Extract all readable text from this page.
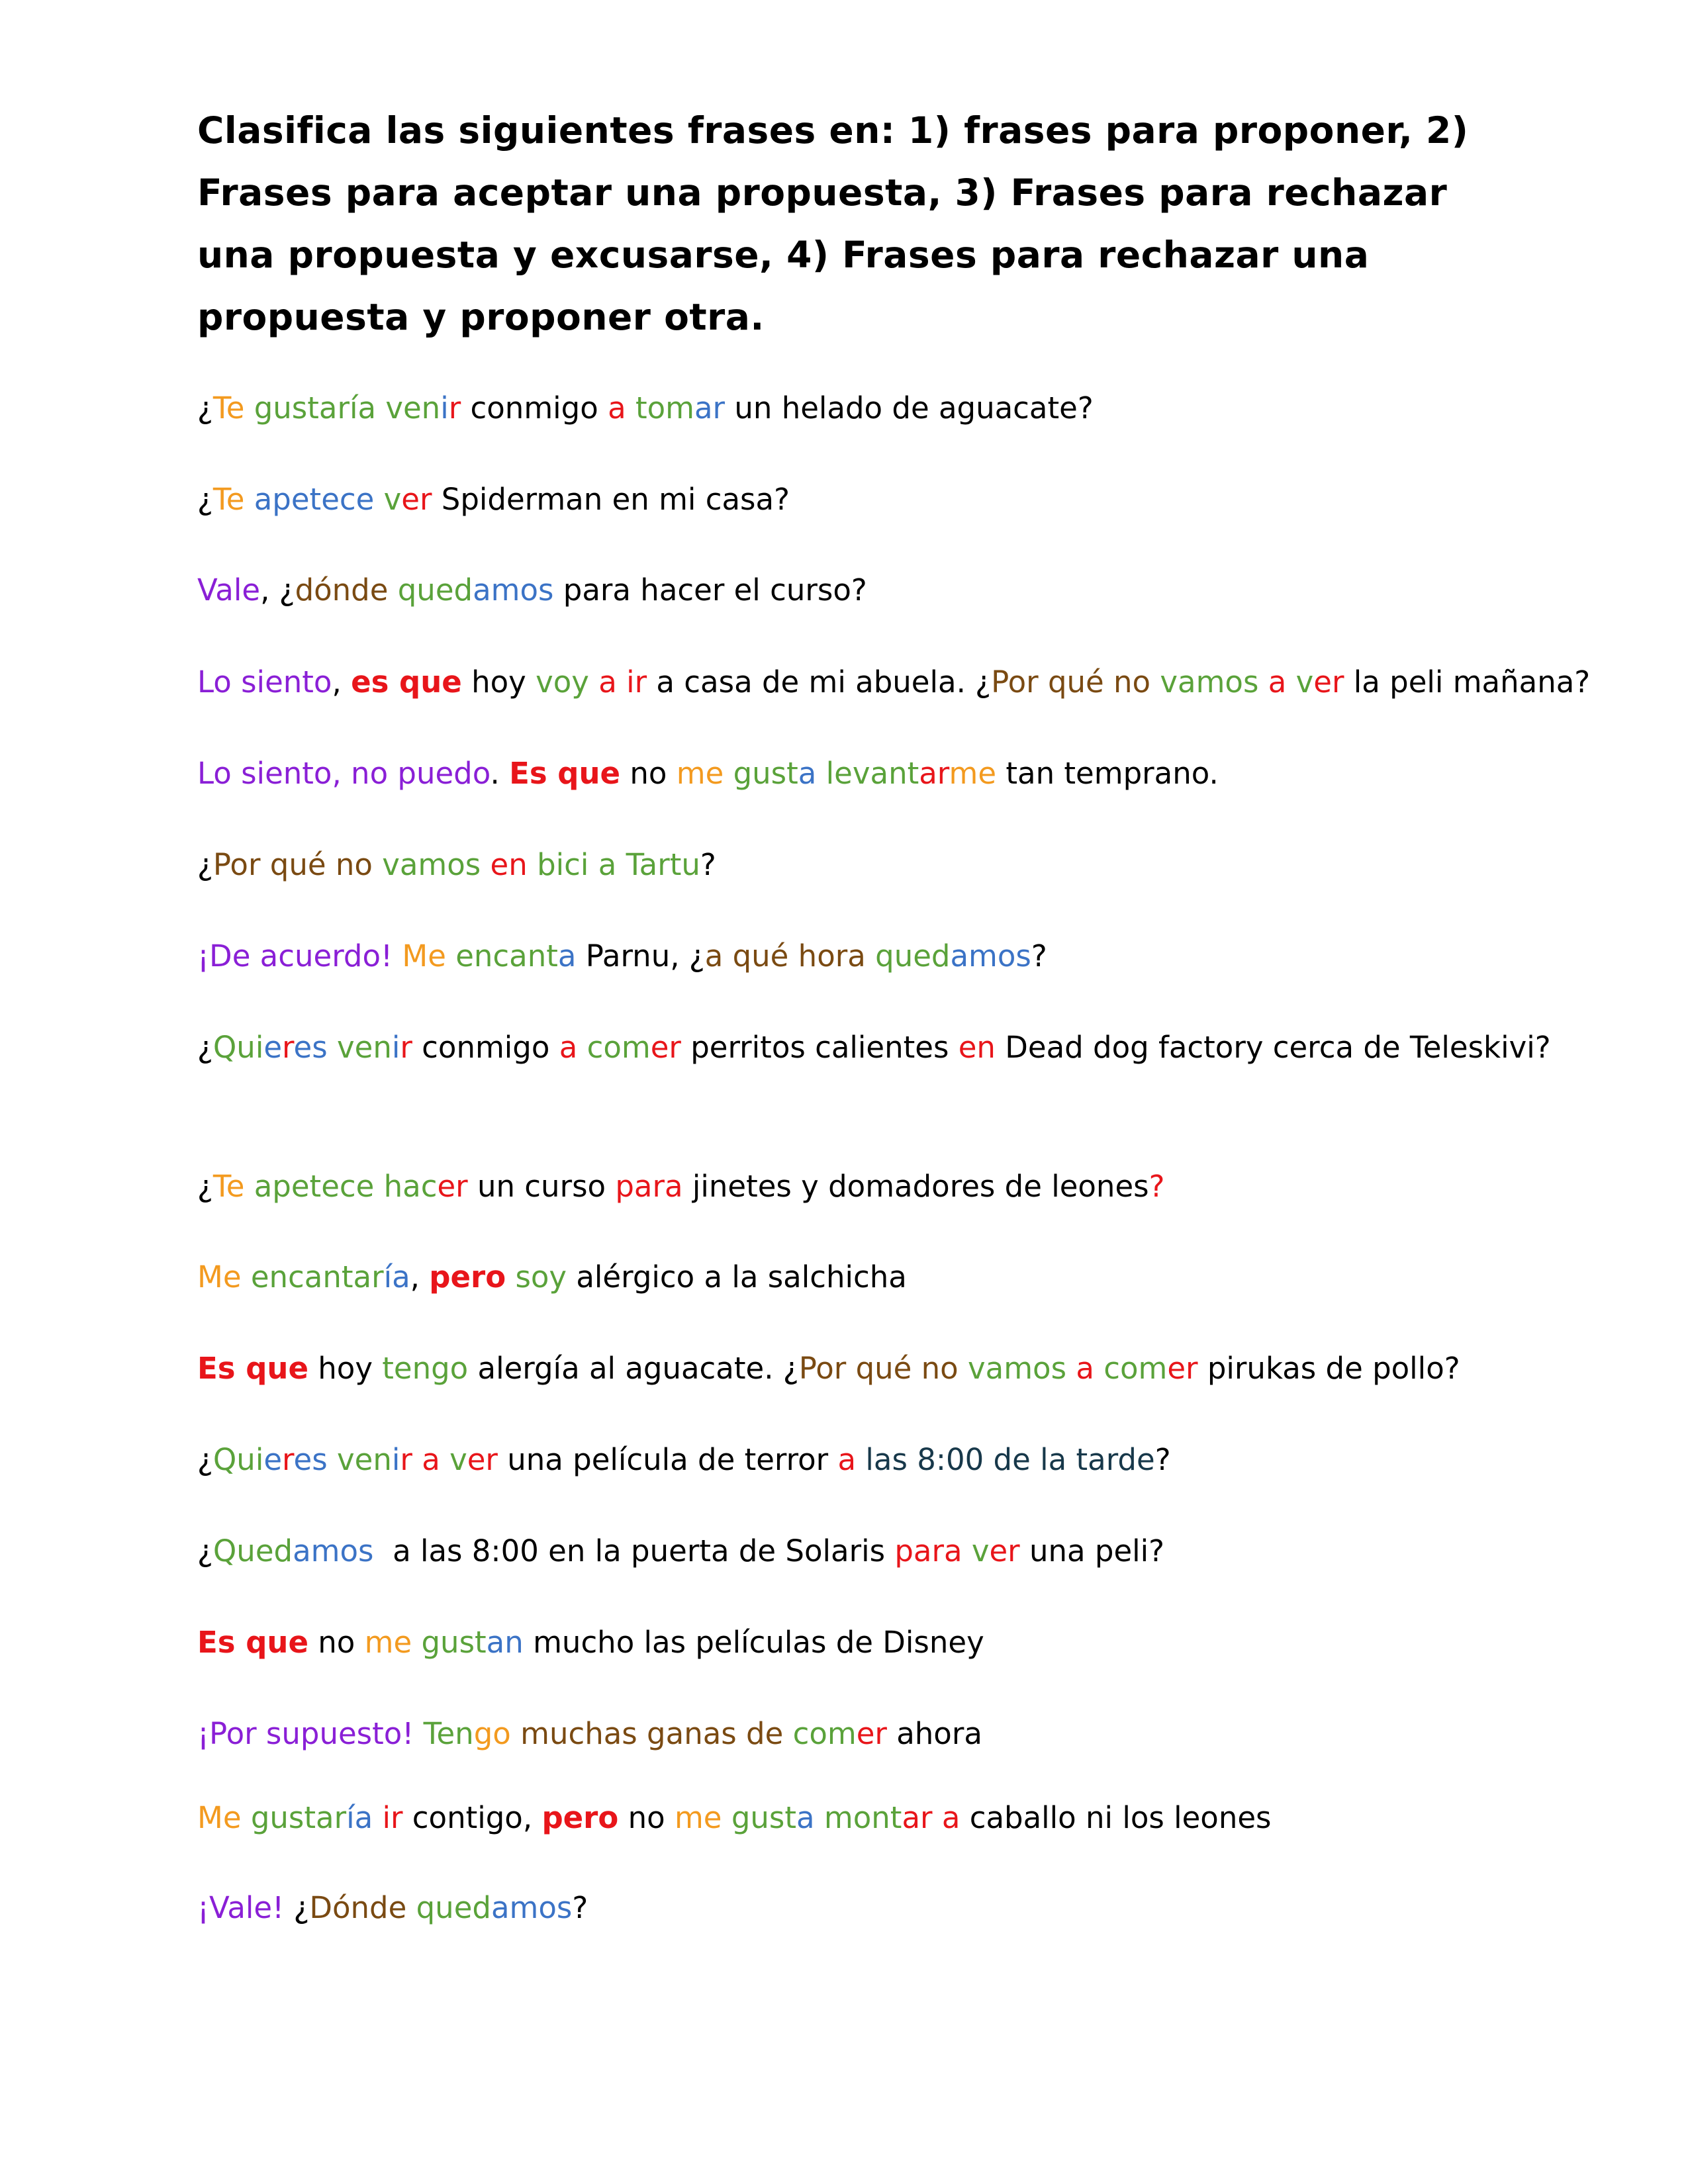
Clasifica las siguientes frases en: 1) frases para proponer, 2) Frases para aceptar una propuesta, 3) Frases para rechazar una propuesta y excusarse, 4) Frases para rechazar una propuesta y proponer otra.

¿Te gustaría venir conmigo a tomar un helado de aguacate?
¿Te apetece ver Spiderman en mi casa?
Vale, ¿dónde quedamos para hacer el curso?
Lo siento, es que hoy voy a ir a casa de mi abuela. ¿Por qué no vamos a ver la peli mañana?
Lo siento, no puedo. Es que no me gusta levantarme tan temprano.
¿Por qué no vamos en bici a Tartu?
¡De acuerdo! Me encanta Parnu, ¿a qué hora quedamos?
¿Quieres venir conmigo a comer perritos calientes en Dead dog factory cerca de Teleskivi?
¿Te apetece hacer un curso para jinetes y domadores de leones?
Me encantaría, pero soy alérgico a la salchicha
Es que hoy tengo alergía al aguacate. ¿Por qué no vamos a comer pirukas de pollo?
¿Quieres venir a ver una película de terror a las 8:00 de la tarde?
¿Quedamos  a las 8:00 en la puerta de Solaris para ver una peli?
Es que no me gustan mucho las películas de Disney
¡Por supuesto! Tengo muchas ganas de comer ahora
Me gustaría ir contigo, pero no me gusta montar a caballo ni los leones
¡Vale! ¿Dónde quedamos?
